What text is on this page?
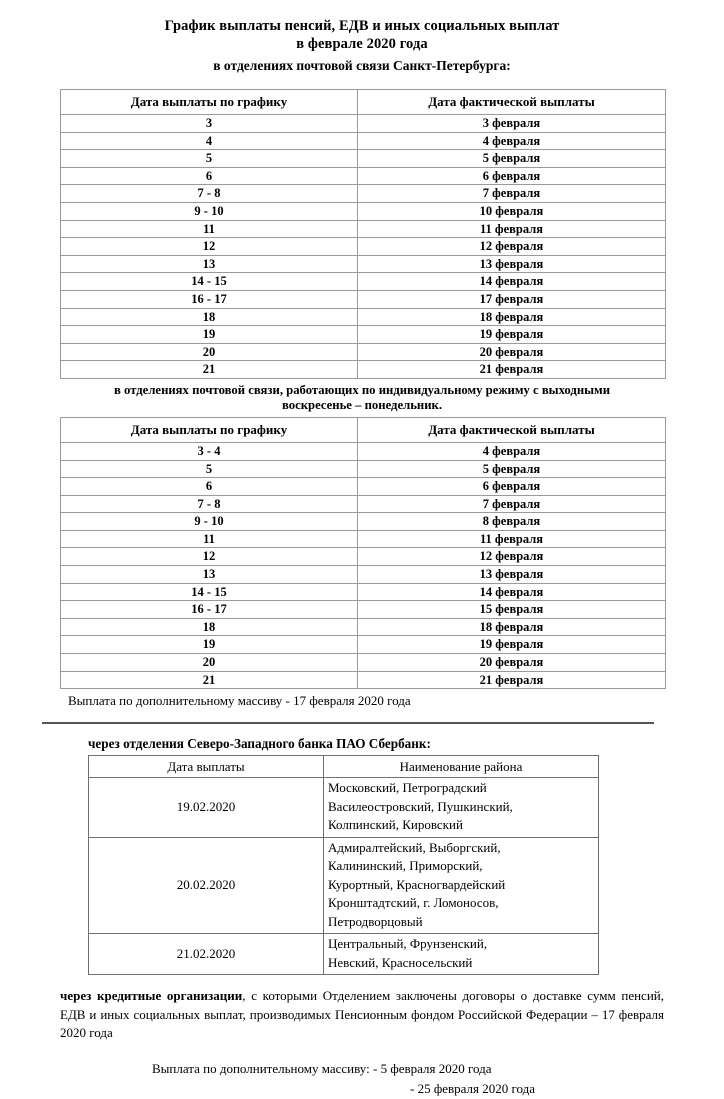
График выплаты пенсий, ЕДВ и иных социальных выплат
в феврале 2020 года
в отделениях почтовой связи Санкт-Петербурга:
Дата выплаты по графику	Дата фактической выплаты
3	3 февраля
4	4 февраля
5	5 февраля
6	6 февраля
7 - 8	7 февраля
9 - 10	10 февраля
11	11 февраля
12	12 февраля
13	13 февраля
14 - 15	14 февраля
16 - 17	17 февраля
18	18 февраля
19	19 февраля
20	20 февраля
21	21 февраля
в отделениях почтовой связи, работающих по индивидуальному режиму с выходными
воскресенье – понедельник.
Дата выплаты по графику	Дата фактической выплаты
3 - 4	4 февраля
5	5 февраля
6	6 февраля
7 - 8	7 февраля
9 - 10	8 февраля
11	11 февраля
12	12 февраля
13	13 февраля
14 - 15	14 февраля
16 - 17	15 февраля
18	18 февраля
19	19 февраля
20	20 февраля
21	21 февраля
Выплата по дополнительному массиву - 17 февраля 2020 года
через отделения Северо-Западного банка ПАО Сбербанк:
Дата выплаты	Наименование района
19.02.2020	Московский, Петроградский
Василеостровский, Пушкинский,
Колпинский, Кировский

20.02.2020	Адмиралтейский, Выборгский,
Калининский, Приморский,
Курортный, Красногвардейский
Кронштадтский, г. Ломоносов,
Петродворцовый

21.02.2020	Центральный, Фрунзенский,
Невский, Красносельский
через кредитные организации, с которыми Отделением заключены договоры о доставке сумм пенсий, ЕДВ и иных социальных выплат, производимых Пенсионным фондом Российской Федерации – 17 февраля 2020 года
Выплата по дополнительному массиву: - 5 февраля 2020 года
- 25 февраля 2020 года
